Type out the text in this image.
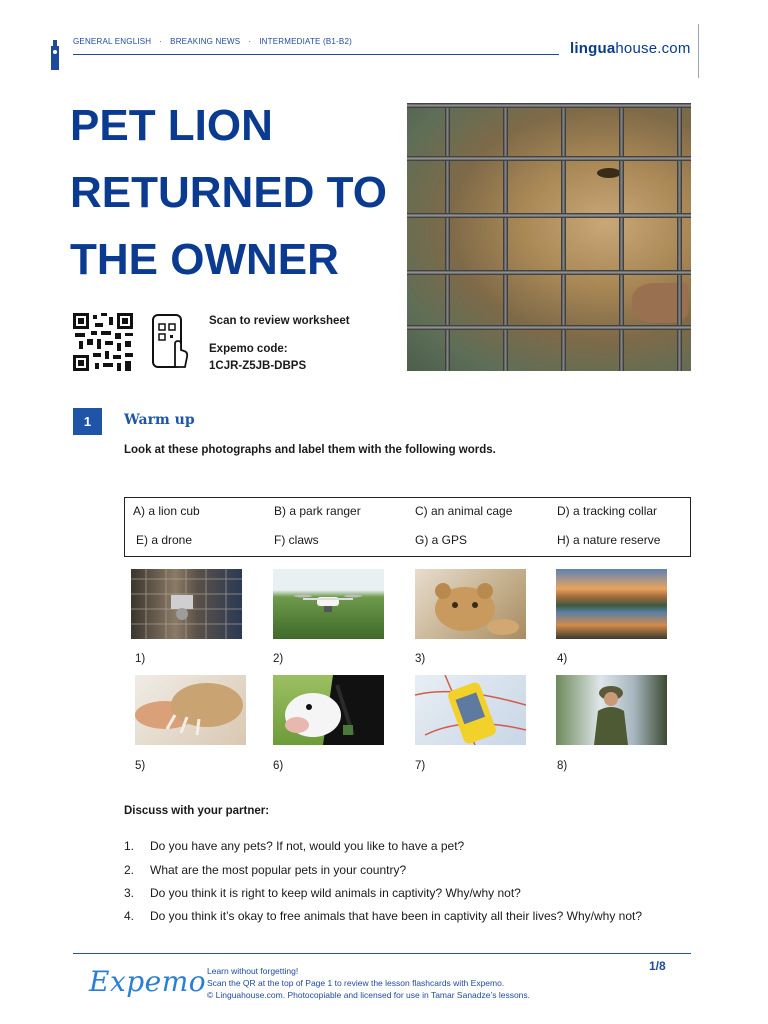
GENERAL ENGLISH · BREAKING NEWS · INTERMEDIATE (B1-B2)	linguahouse.com
PET LION
RETURNED TO
THE OWNER
Scan to review worksheet
Expemo code:
1CJR-Z5JB-DBPS
1	Warm up
Look at these photographs and label them with the following words.
A) a lion cub	B) a park ranger	C) an animal cage	D) a tracking collar
E) a drone	F) claws	G) a GPS	H) a nature reserve
1)	2)	3)	4)
5)	6)	7)	8)
Discuss with your partner:
1. Do you have any pets? If not, would you like to have a pet?
2. What are the most popular pets in your country?
3. Do you think it is right to keep wild animals in captivity? Why/why not?
4. Do you think it’s okay to free animals that have been in captivity all their lives? Why/why not?
Expemo Learn without forgetting!
Scan the QR at the top of Page 1 to review the lesson flashcards with Expemo.
© Linguahouse.com. Photocopiable and licensed for use in Tamar Sanadze’s lessons.
1/8
